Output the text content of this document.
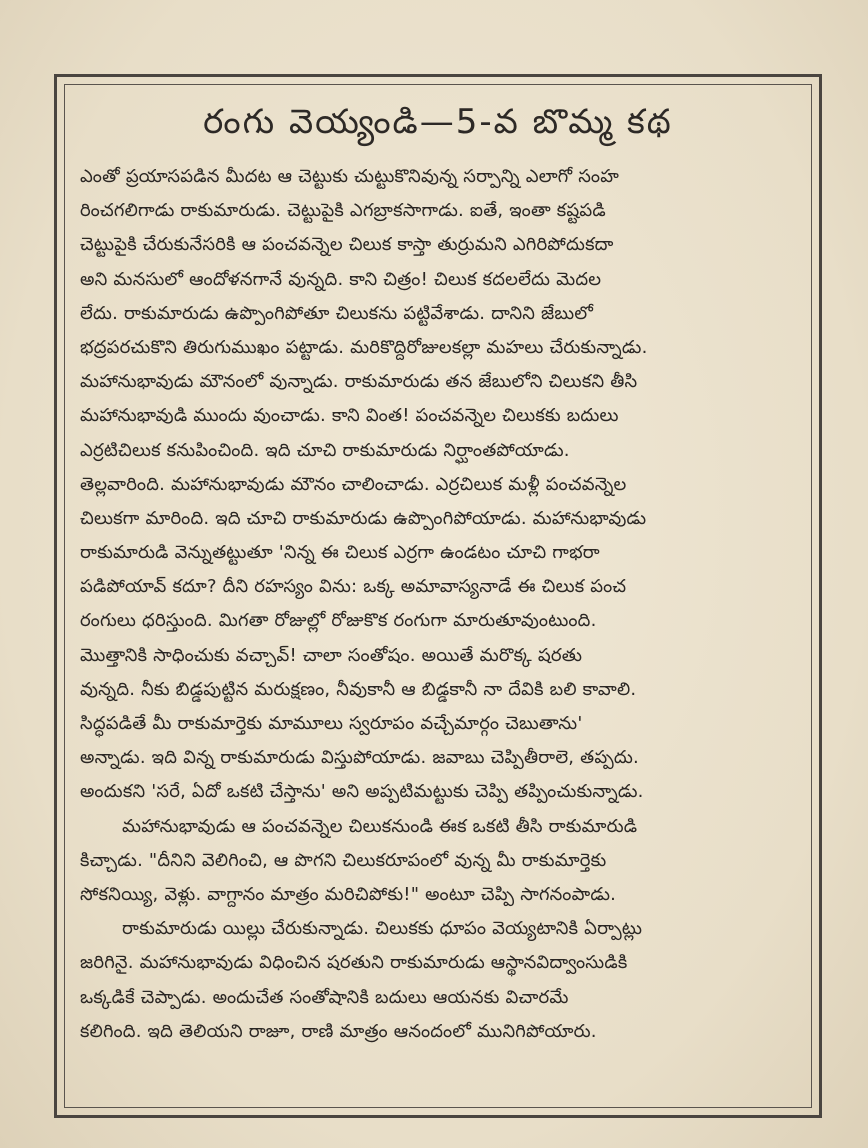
రంగు వెయ్యండి—5-వ బొమ్మ కథ
ఎంతో ప్రయాసపడిన మీదట ఆ చెట్టుకు చుట్టుకొనివున్న సర్పాన్ని ఎలాగో సంహ
రించగలిగాడు రాకుమారుడు. చెట్టుపైకి ఎగబ్రాకసాగాడు. ఐతే, ఇంతా కష్టపడి
చెట్టుపైకి చేరుకునేసరికి ఆ పంచవన్నెల చిలుక కాస్తా తుర్రుమని ఎగిరిపోదుకదా
అని మనసులో ఆందోళనగానే వున్నది. కాని చిత్రం! చిలుక కదలలేదు మెదల
లేదు. రాకుమారుడు ఉప్పొంగిపోతూ చిలుకను పట్టివేశాడు. దానిని జేబులో
భద్రపరచుకొని తిరుగుముఖం పట్టాడు. మరికొద్దిరోజులకల్లా మహలు చేరుకున్నాడు.
మహానుభావుడు మౌనంలో వున్నాడు. రాకుమారుడు తన జేబులోని చిలుకని తీసి
మహానుభావుడి ముందు వుంచాడు. కాని వింత! పంచవన్నెల చిలుకకు బదులు
ఎర్రటిచిలుక కనుపించింది. ఇది చూచి రాకుమారుడు నిర్ఘాంతపోయాడు.
తెల్లవారింది. మహానుభావుడు మౌనం చాలించాడు. ఎర్రచిలుక మళ్లీ పంచవన్నెల
చిలుకగా మారింది. ఇది చూచి రాకుమారుడు ఉప్పొంగిపోయాడు. మహానుభావుడు
రాకుమారుడి వెన్నుతట్టుతూ 'నిన్న ఈ చిలుక ఎర్రగా ఉండటం చూచి గాభరా
పడిపోయావ్ కదూ? దీని రహస్యం విను: ఒక్క అమావాస్యనాడే ఈ చిలుక పంచ
రంగులు ధరిస్తుంది. మిగతా రోజుల్లో రోజుకొక రంగుగా మారుతూవుంటుంది.
మొత్తానికి సాధించుకు వచ్చావ్! చాలా సంతోషం. అయితే మరొక్క షరతు
వున్నది. నీకు బిడ్డపుట్టిన మరుక్షణం, నీవుకానీ ఆ బిడ్డకానీ నా దేవికి బలి కావాలి.
సిద్ధపడితే మీ రాకుమార్తెకు మామూలు స్వరూపం వచ్చేమార్గం చెబుతాను'
అన్నాడు. ఇది విన్న రాకుమారుడు విస్తుపోయాడు. జవాబు చెప్పితీరాలె, తప్పదు.
అందుకని 'సరే, ఏదో ఒకటి చేస్తాను' అని అప్పటిమట్టుకు చెప్పి తప్పించుకున్నాడు.
మహానుభావుడు ఆ పంచవన్నెల చిలుకనుండి ఈక ఒకటి తీసి రాకుమారుడి
కిచ్చాడు. "దీనిని వెలిగించి, ఆ పొగని చిలుకరూపంలో వున్న మీ రాకుమార్తెకు
సోకనియ్యి, వెళ్లు. వాగ్దానం మాత్రం మరిచిపోకు!" అంటూ చెప్పి సాగనంపాడు.
రాకుమారుడు యిల్లు చేరుకున్నాడు. చిలుకకు ధూపం వెయ్యటానికి ఏర్పాట్లు
జరిగినై. మహానుభావుడు విధించిన షరతుని రాకుమారుడు ఆస్థానవిద్వాంసుడికి
ఒక్కడికే చెప్పాడు. అందుచేత సంతోషానికి బదులు ఆయనకు విచారమే
కలిగింది. ఇది తెలియని రాజూ, రాణి మాత్రం ఆనందంలో మునిగిపోయారు.
